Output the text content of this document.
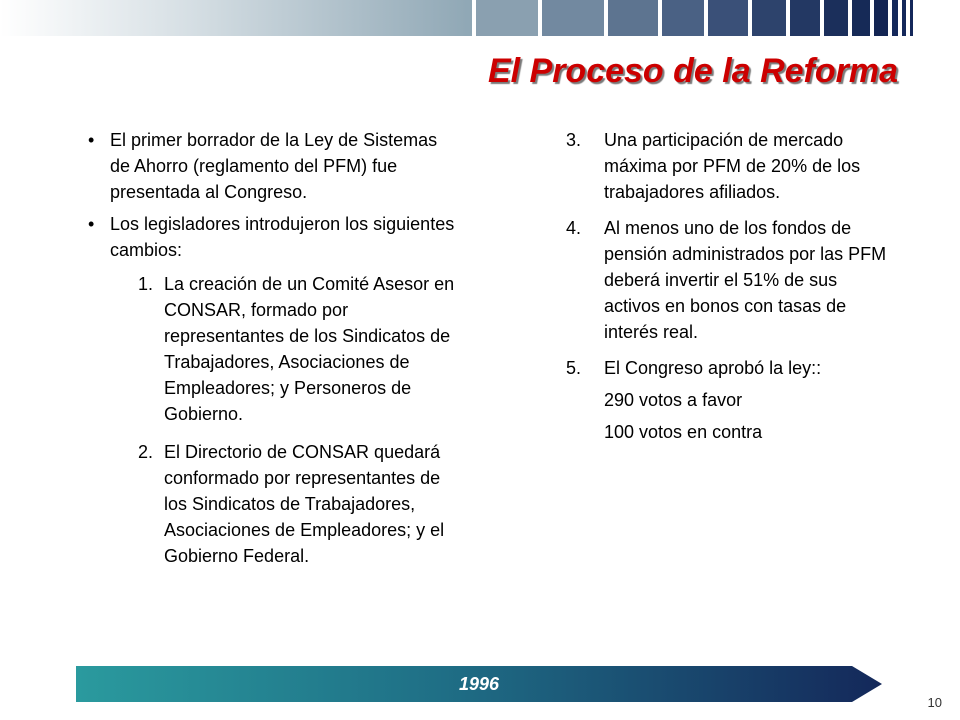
El Proceso de la Reforma
• El primer borrador de la Ley de Sistemas de Ahorro (reglamento del PFM) fue presentada al Congreso.
• Los legisladores introdujeron los siguientes cambios:
1. La creación de un Comité Asesor en CONSAR, formado por representantes de los Sindicatos de Trabajadores, Asociaciones de Empleadores; y Personeros de Gobierno.
2. El Directorio de CONSAR quedará conformado por representantes de los Sindicatos de Trabajadores, Asociaciones de Empleadores; y el Gobierno Federal.
3. Una participación de mercado máxima por PFM de 20% de los trabajadores afiliados.
4. Al menos uno de los fondos de pensión administrados por las PFM deberá invertir el 51% de sus activos en bonos con tasas de interés real.
5. El Congreso aprobó la ley::
290 votos a favor
100 votos en contra
1996
10
